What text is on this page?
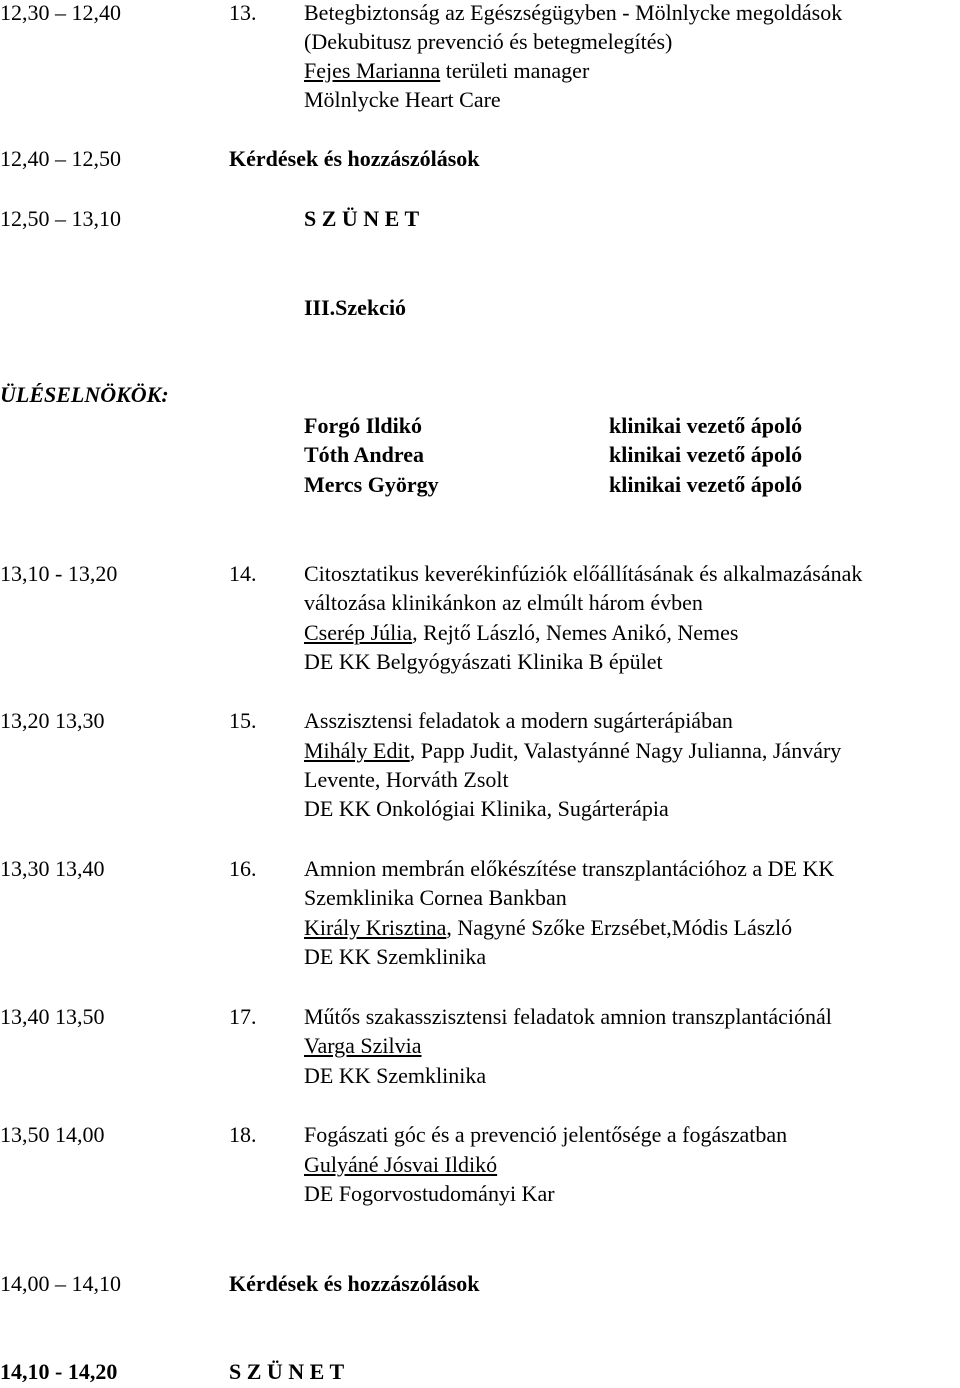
12,30 – 12,40	13. Betegbiztonság az Egészségügyben - Mölnlycke megoldások
(Dekubitusz prevenció és betegmelegítés)
Fejes Marianna területi manager
Mölnlycke Heart Care
12,40 – 12,50	Kérdések és hozzászólások
12,50 – 13,10	S Z Ü N E T
III.Szekció
ÜLÉSELNÖKÖK:
Forgó Ildikó	klinikai vezető ápoló
Tóth Andrea	klinikai vezető ápoló
Mercs György	klinikai vezető ápoló
13,10 - 13,20	14. Citosztatikus keverékinfúziók előállításának és alkalmazásának
változása klinikánkon az elmúlt három évben
Cserép Júlia, Rejtő László, Nemes Anikó, Nemes
DE KK Belgyógyászati Klinika B épület
13,20 13,30	15. Asszisztensi feladatok a modern sugárterápiában
Mihály Edit, Papp Judit, Valastyánné Nagy Julianna, Jánváry
Levente, Horváth Zsolt
DE KK Onkológiai Klinika, Sugárterápia
13,30 13,40	16. Amnion membrán előkészítése transzplantációhoz a DE KK
Szemklinika Cornea Bankban
Király Krisztina, Nagyné Szőke Erzsébet,Módis László
DE KK Szemklinika
13,40 13,50	17. Műtős szakasszisztensi feladatok amnion transzplantációnál
Varga Szilvia
DE KK Szemklinika
13,50 14,00	18. Fogászati góc és a prevenció jelentősége a fogászatban
Gulyáné Jósvai Ildikó
DE Fogorvostudományi Kar
14,00 – 14,10	Kérdések és hozzászólások
14,10 - 14,20	S Z Ü N E T
